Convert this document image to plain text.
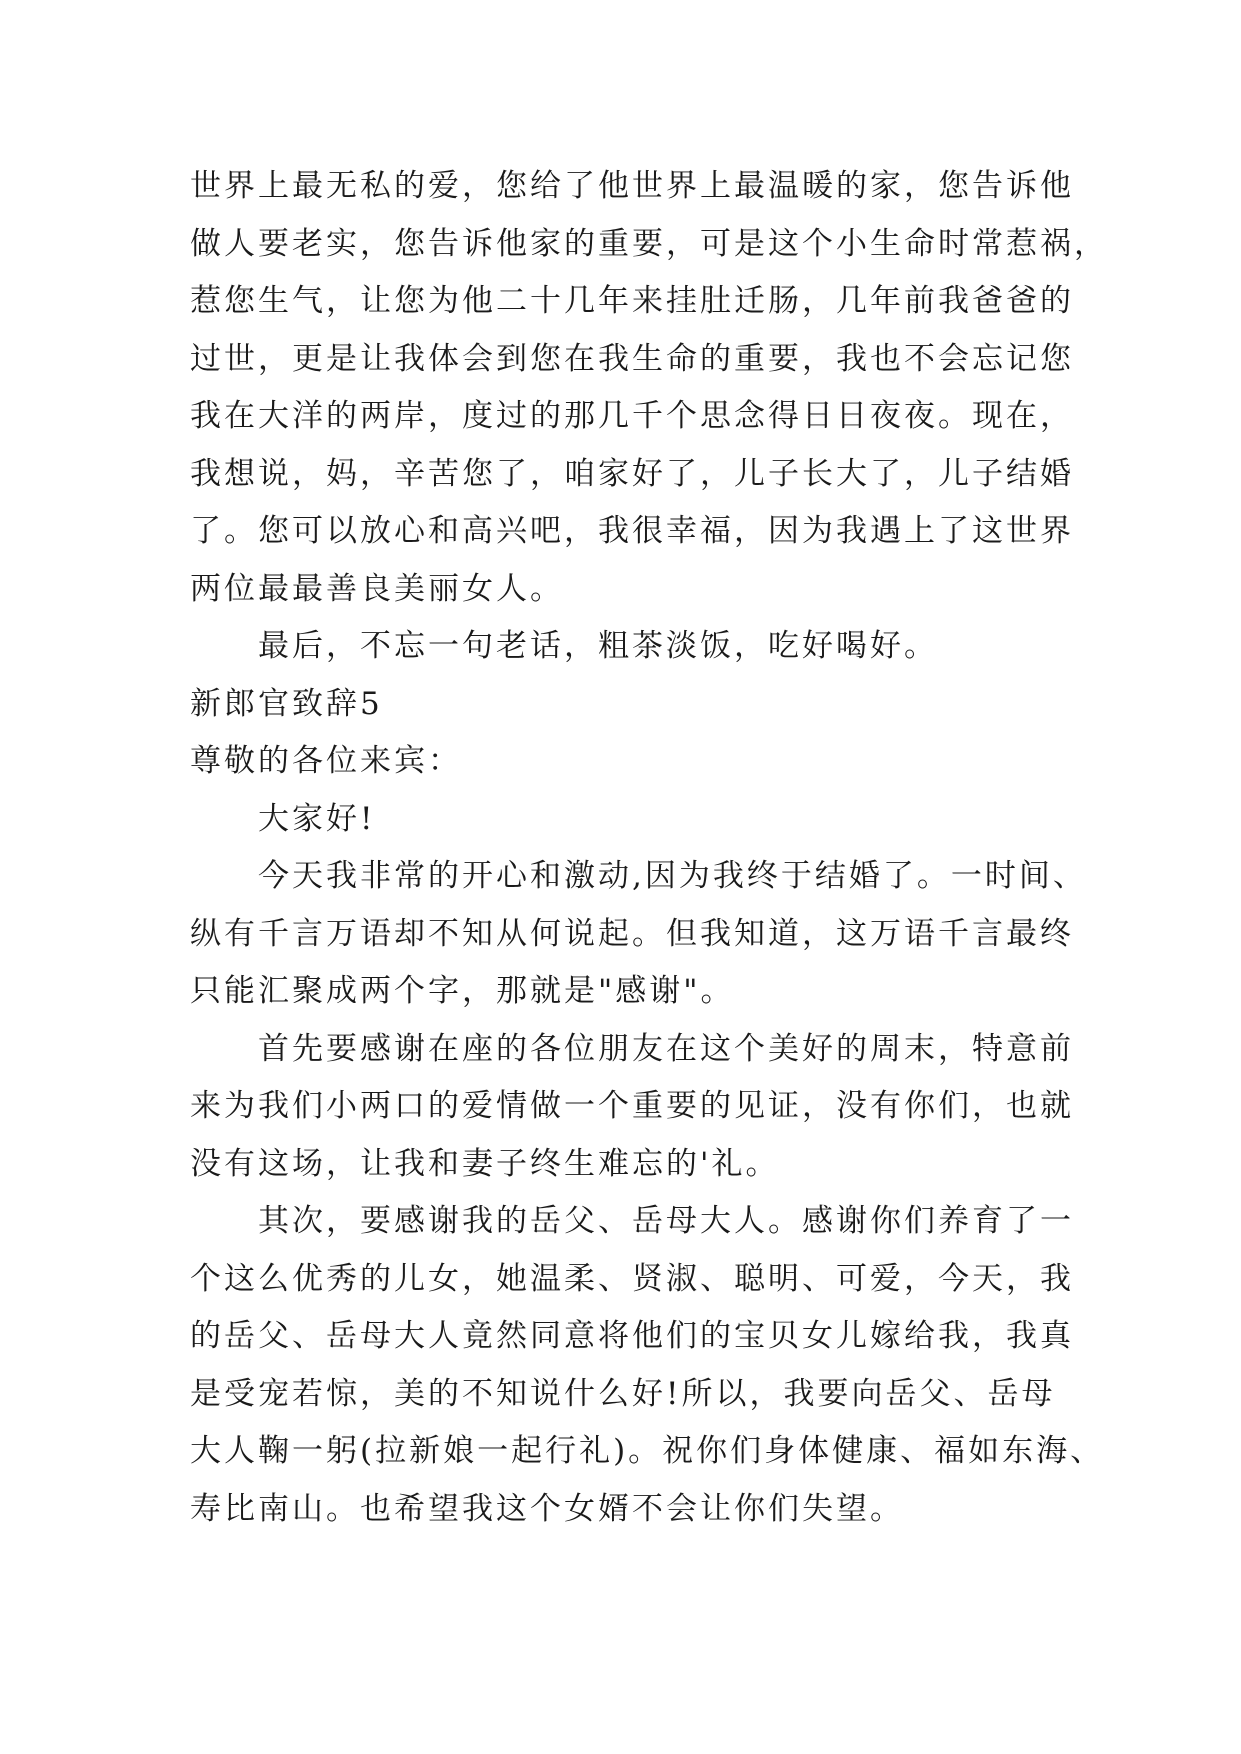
世界上最无私的爱，您给了他世界上最温暖的家，您告诉他

做人要老实，您告诉他家的重要，可是这个小生命时常惹祸，

惹您生气，让您为他二十几年来挂肚迁肠，几年前我爸爸的

过世，更是让我体会到您在我生命的重要，我也不会忘记您

我在大洋的两岸，度过的那几千个思念得日日夜夜。现在，

我想说，妈，辛苦您了，咱家好了，儿子长大了，儿子结婚

了。您可以放心和高兴吧，我很幸福，因为我遇上了这世界

两位最最善良美丽女人。

最后，不忘一句老话，粗茶淡饭，吃好喝好。

新郎官致辞5

尊敬的各位来宾：

大家好!

今天我非常的开心和激动,因为我终于结婚了。一时间、

纵有千言万语却不知从何说起。但我知道，这万语千言最终

只能汇聚成两个字，那就是"感谢"。

首先要感谢在座的各位朋友在这个美好的周末，特意前

来为我们小两口的爱情做一个重要的见证，没有你们，也就

没有这场，让我和妻子终生难忘的'礼。

其次，要感谢我的岳父、岳母大人。感谢你们养育了一

个这么优秀的儿女，她温柔、贤淑、聪明、可爱，今天，我

的岳父、岳母大人竟然同意将他们的宝贝女儿嫁给我，我真

是受宠若惊，美的不知说什么好!所以，我要向岳父、岳母

大人鞠一躬(拉新娘一起行礼)。祝你们身体健康、福如东海、

寿比南山。也希望我这个女婿不会让你们失望。
